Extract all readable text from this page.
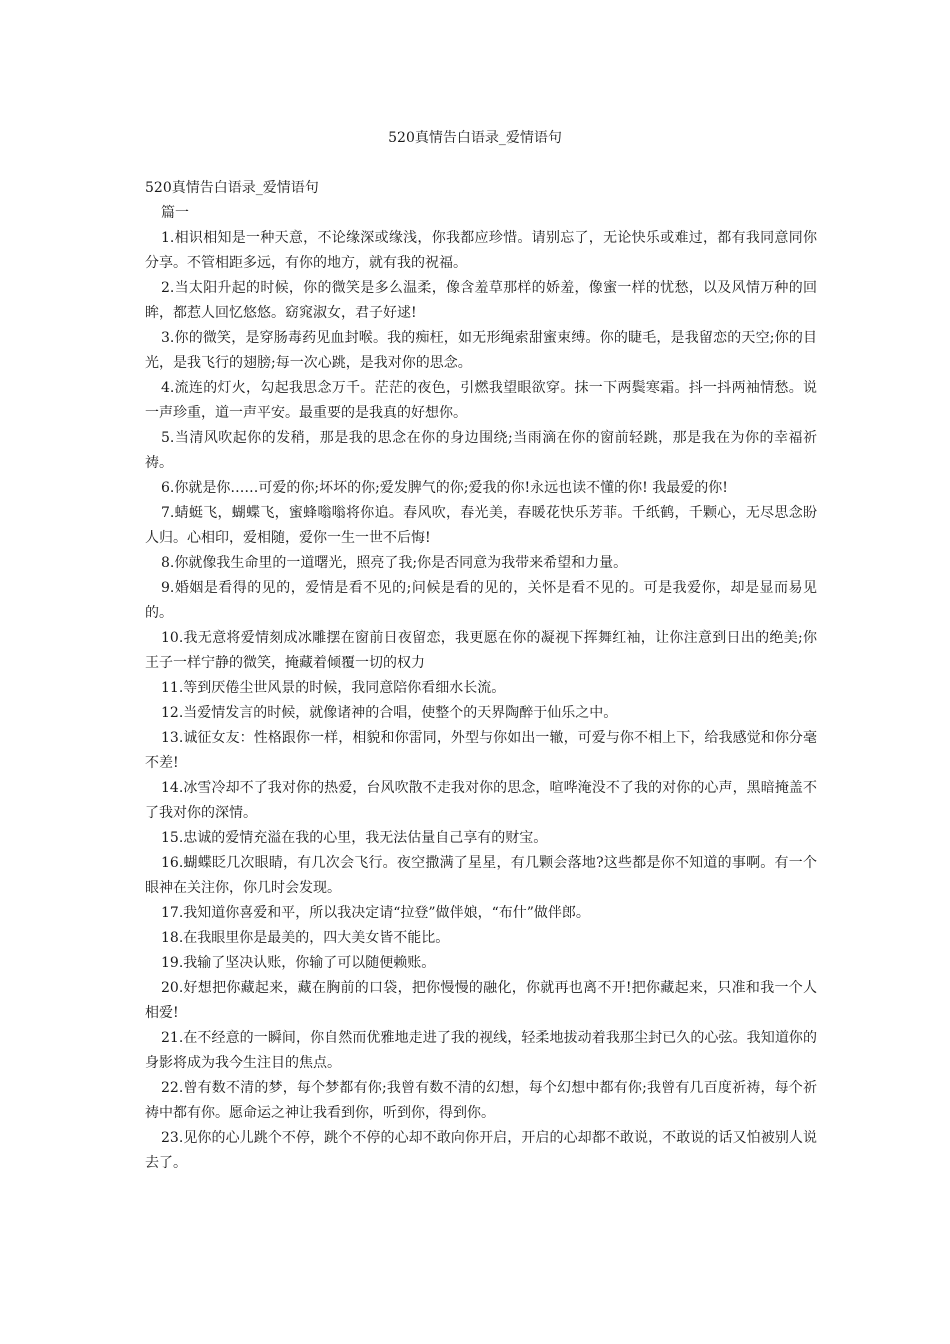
520真情告白语录_爱情语句

520真情告白语录_爱情语句

篇一

1.相识相知是一种天意，不论缘深或缘浅，你我都应珍惜。请别忘了，无论快乐或难过，都有我同意同你分享。不管相距多远，有你的地方，就有我的祝福。

2.当太阳升起的时候，你的微笑是多么温柔，像含羞草那样的娇羞，像蜜一样的忧愁，以及风情万种的回眸，都惹人回忆悠悠。窈窕淑女，君子好逑!

3.你的微笑，是穿肠毒药见血封喉。我的痴枉，如无形绳索甜蜜束缚。你的睫毛，是我留恋的天空;你的目光，是我飞行的翅膀;每一次心跳，是我对你的思念。

4.流连的灯火，勾起我思念万千。茫茫的夜色，引燃我望眼欲穿。抹一下两鬓寒霜。抖一抖两袖情愁。说一声珍重，道一声平安。最重要的是我真的好想你。

5.当清风吹起你的发稍，那是我的思念在你的身边围绕;当雨滴在你的窗前轻跳，那是我在为你的幸福祈祷。

6.你就是你……可爱的你;坏坏的你;爱发脾气的你;爱我的你!永远也读不懂的你! 我最爱的你!

7.蜻蜓飞，蝴蝶飞，蜜蜂嗡嗡将你追。春风吹，春光美，春暖花快乐芳菲。千纸鹤，千颗心，无尽思念盼人归。心相印，爱相随，爱你一生一世不后悔!

8.你就像我生命里的一道曙光，照亮了我;你是否同意为我带来希望和力量。

9.婚姻是看得的见的，爱情是看不见的;问候是看的见的，关怀是看不见的。可是我爱你，却是显而易见的。

10.我无意将爱情刻成冰雕摆在窗前日夜留恋，我更愿在你的凝视下挥舞红袖，让你注意到日出的绝美;你王子一样宁静的微笑，掩藏着倾覆一切的权力

11.等到厌倦尘世风景的时候，我同意陪你看细水长流。

12.当爱情发言的时候，就像诸神的合唱，使整个的天界陶醉于仙乐之中。

13.诚征女友：性格跟你一样，相貌和你雷同，外型与你如出一辙，可爱与你不相上下，给我感觉和你分毫不差!

14.冰雪冷却不了我对你的热爱，台风吹散不走我对你的思念，喧哗淹没不了我的对你的心声，黑暗掩盖不了我对你的深情。

15.忠诚的爱情充溢在我的心里，我无法估量自己享有的财宝。

16.蝴蝶眨几次眼睛，有几次会飞行。夜空撒满了星星，有几颗会落地?这些都是你不知道的事啊。有一个眼神在关注你，你几时会发现。

17.我知道你喜爱和平，所以我决定请“拉登”做伴娘，“布什”做伴郎。

18.在我眼里你是最美的，四大美女皆不能比。

19.我输了坚决认账，你输了可以随便赖账。

20.好想把你藏起来，藏在胸前的口袋，把你慢慢的融化，你就再也离不开!把你藏起来，只准和我一个人相爱!

21.在不经意的一瞬间，你自然而优雅地走进了我的视线，轻柔地拔动着我那尘封已久的心弦。我知道你的身影将成为我今生注目的焦点。

22.曾有数不清的梦，每个梦都有你;我曾有数不清的幻想，每个幻想中都有你;我曾有几百度祈祷，每个祈祷中都有你。愿命运之神让我看到你，听到你，得到你。

23.见你的心儿跳个不停，跳个不停的心却不敢向你开启，开启的心却都不敢说，不敢说的话又怕被别人说去了。
